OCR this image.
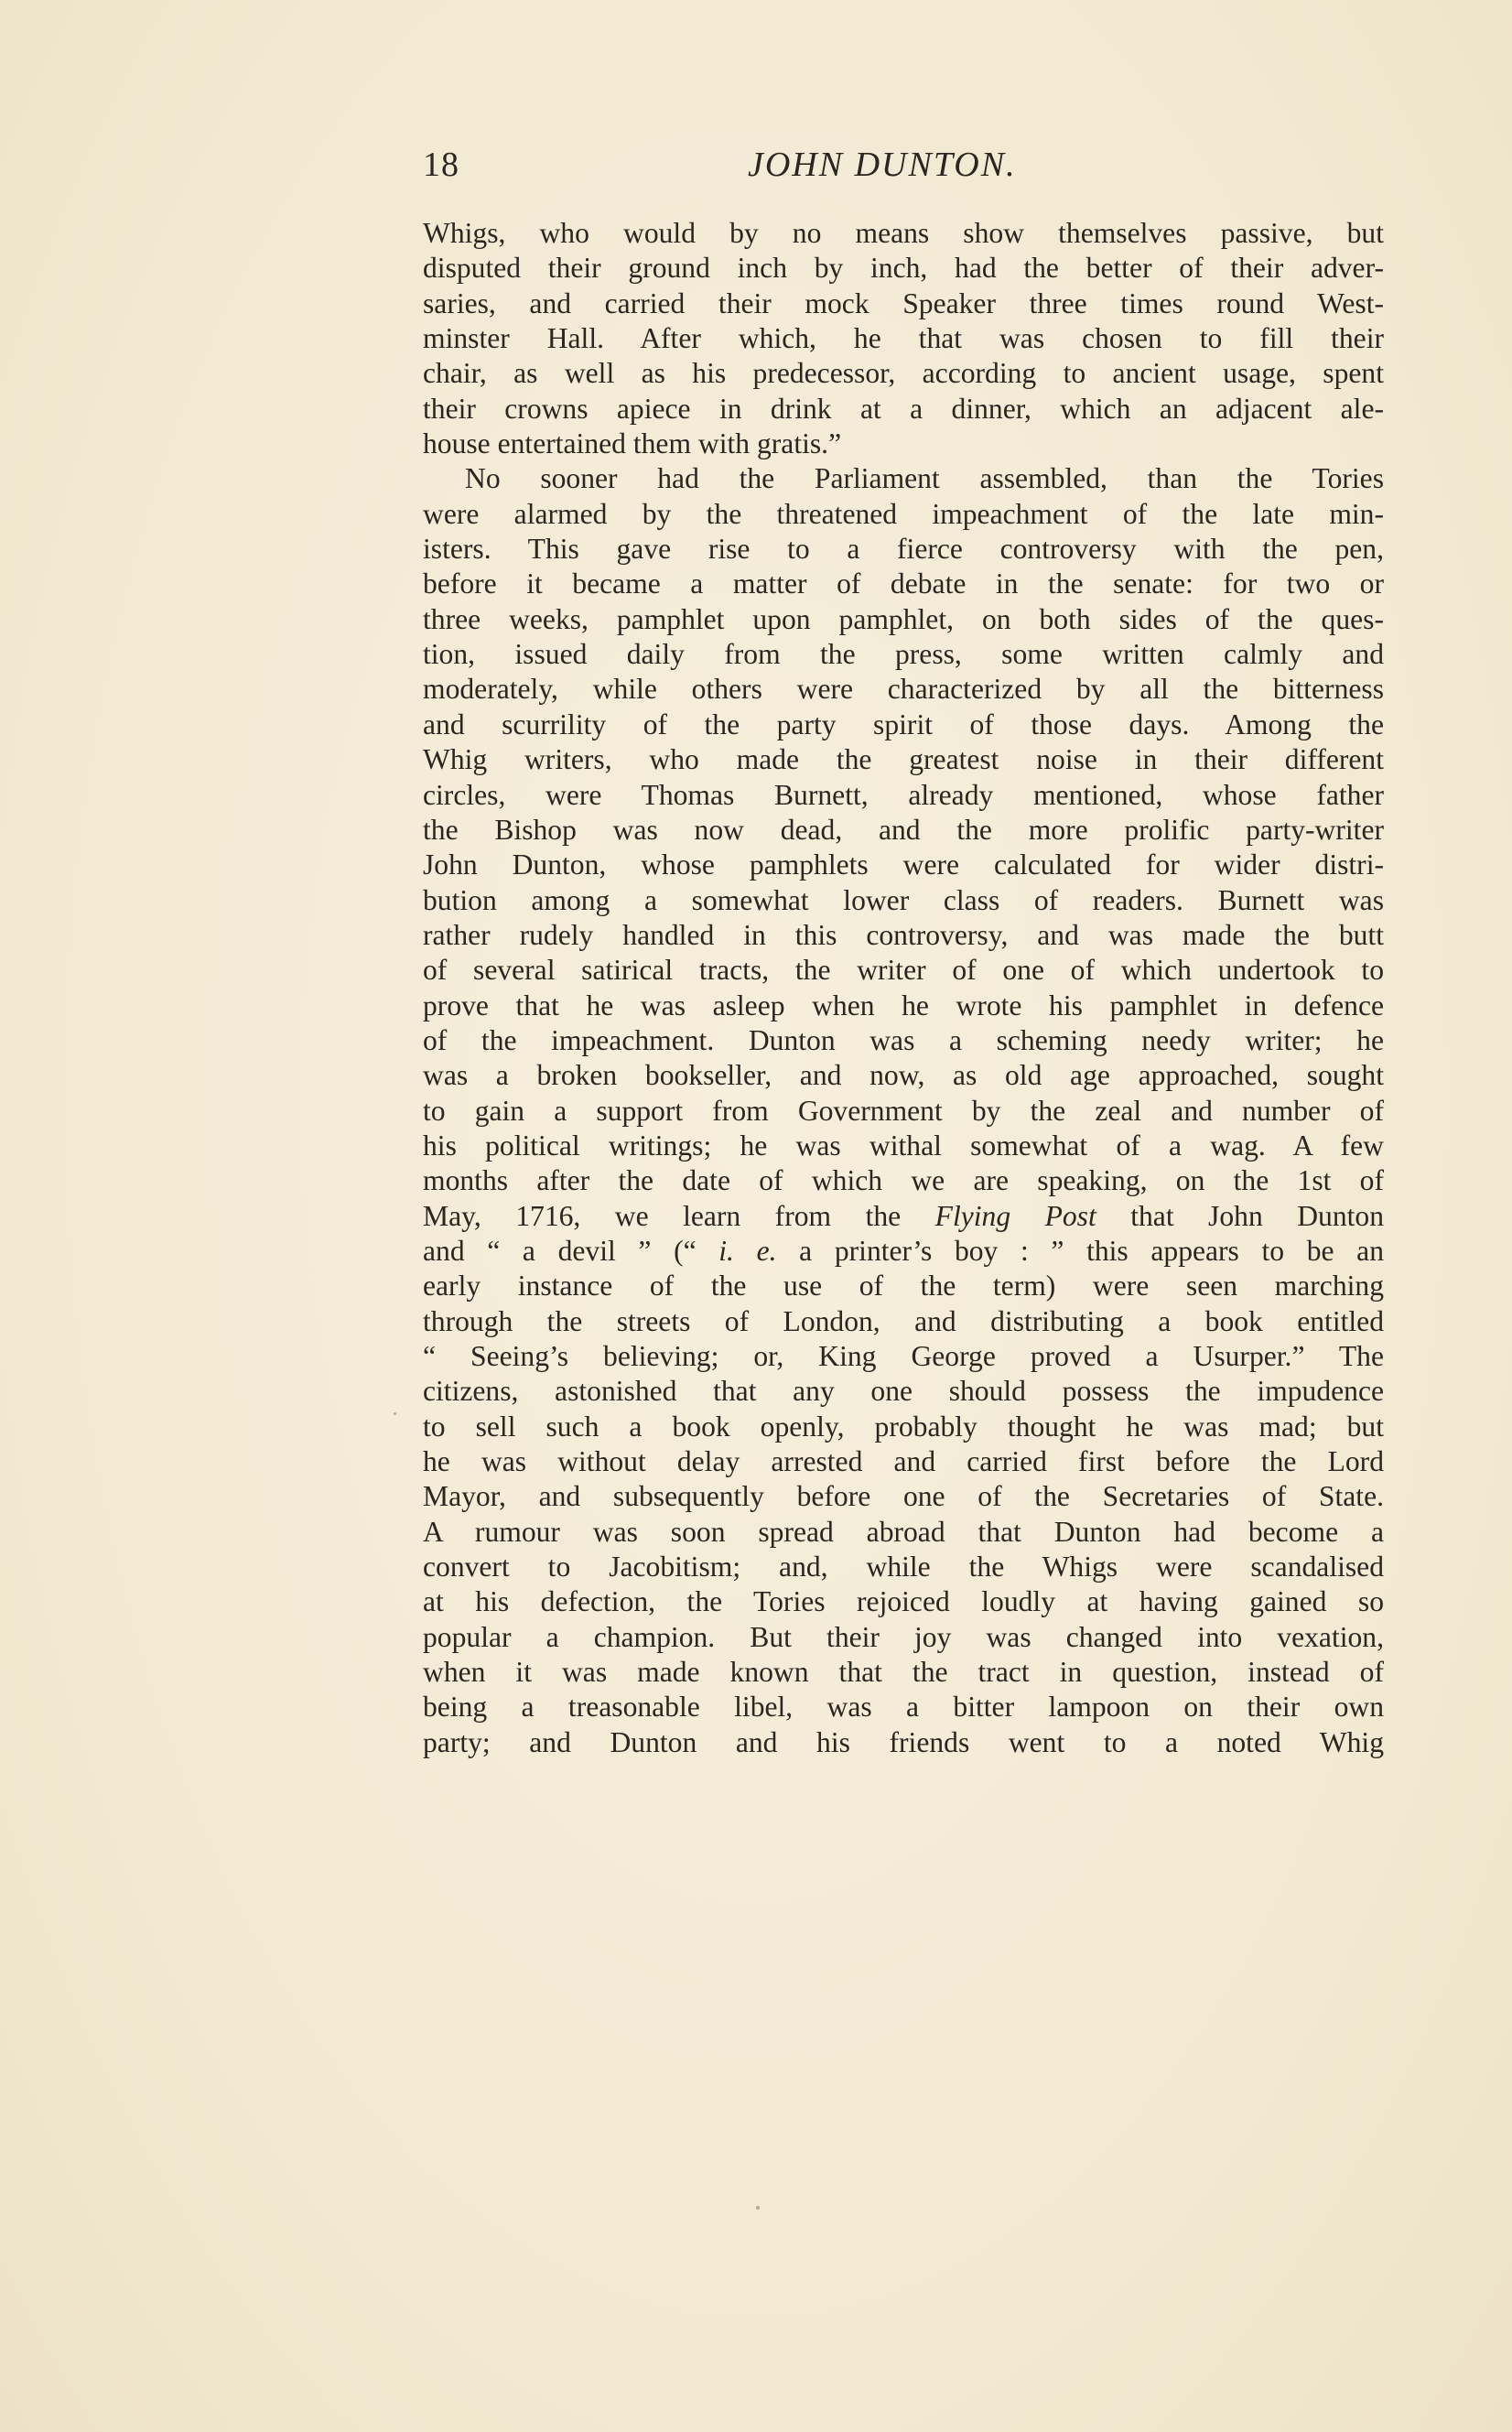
18	JOHN DUNTON.
Whigs, who would by no means show themselves passive, but
disputed their ground inch by inch, had the better of their adver-
saries, and carried their mock Speaker three times round West-
minster Hall. After which, he that was chosen to fill their
chair, as well as his predecessor, according to ancient usage, spent
their crowns apiece in drink at a dinner, which an adjacent ale-
house entertained them with gratis.”
No sooner had the Parliament assembled, than the Tories
were alarmed by the threatened impeachment of the late min-
isters. This gave rise to a fierce controversy with the pen,
before it became a matter of debate in the senate: for two or
three weeks, pamphlet upon pamphlet, on both sides of the ques-
tion, issued daily from the press, some written calmly and
moderately, while others were characterized by all the bitterness
and scurrility of the party spirit of those days. Among the
Whig writers, who made the greatest noise in their different
circles, were Thomas Burnett, already mentioned, whose father
the Bishop was now dead, and the more prolific party-writer
John Dunton, whose pamphlets were calculated for wider distri-
bution among a somewhat lower class of readers. Burnett was
rather rudely handled in this controversy, and was made the butt
of several satirical tracts, the writer of one of which undertook to
prove that he was asleep when he wrote his pamphlet in defence
of the impeachment. Dunton was a scheming needy writer; he
was a broken bookseller, and now, as old age approached, sought
to gain a support from Government by the zeal and number of
his political writings; he was withal somewhat of a wag. A few
months after the date of which we are speaking, on the 1st of
May, 1716, we learn from the Flying Post that John Dunton
and “ a devil ” (“ i. e. a printer’s boy : ” this appears to be an
early instance of the use of the term) were seen marching
through the streets of London, and distributing a book entitled
“ Seeing’s believing; or, King George proved a Usurper.” The
citizens, astonished that any one should possess the impudence
to sell such a book openly, probably thought he was mad; but
he was without delay arrested and carried first before the Lord
Mayor, and subsequently before one of the Secretaries of State.
A rumour was soon spread abroad that Dunton had become a
convert to Jacobitism; and, while the Whigs were scandalised
at his defection, the Tories rejoiced loudly at having gained so
popular a champion. But their joy was changed into vexation,
when it was made known that the tract in question, instead of
being a treasonable libel, was a bitter lampoon on their own
party; and Dunton and his friends went to a noted Whig
